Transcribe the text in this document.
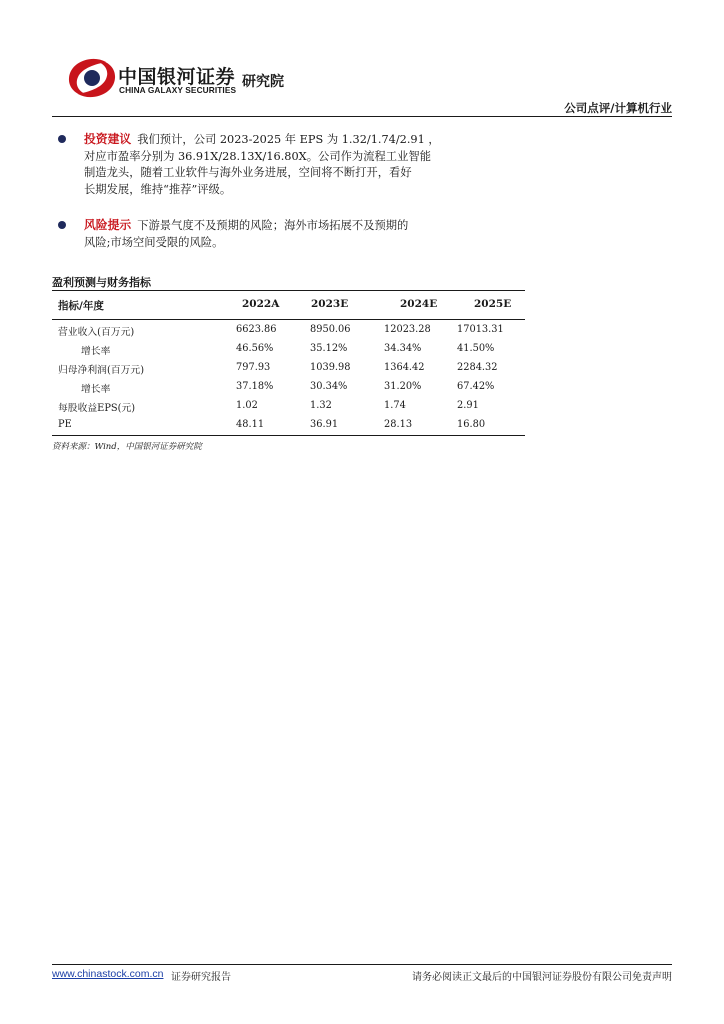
中国银河证券
CHINA GALAXY SECURITIES 研究院
公司点评/计算机行业
投资建议 我们预计，公司 2023-2025 年 EPS 为 1.32/1.74/2.91 ，
对应市盈率分别为 36.91X/28.13X/16.80X。公司作为流程工业智能
制造龙头，随着工业软件与海外业务进展，空间将不断打开，看好
长期发展，维持“推荐”评级。
风险提示 下游景气度不及预期的风险；海外市场拓展不及预期的
风险;市场空间受限的风险。
盈利预测与财务指标
指标/年度	2022A	2023E	2024E	2025E
营业收入(百万元)	6623.86	8950.06	12023.28	17013.31
增长率	46.56%	35.12%	34.34%	41.50%
归母净利润(百万元)	797.93	1039.98	1364.42	2284.32
增长率	37.18%	30.34%	31.20%	67.42%
每股收益EPS(元)	1.02	1.32	1.74	2.91
PE	48.11	36.91	28.13	16.80
资料来源：Wind，中国银河证券研究院
www.chinastock.com.cn 证券研究报告	请务必阅读正文最后的中国银河证券股份有限公司免责声明
